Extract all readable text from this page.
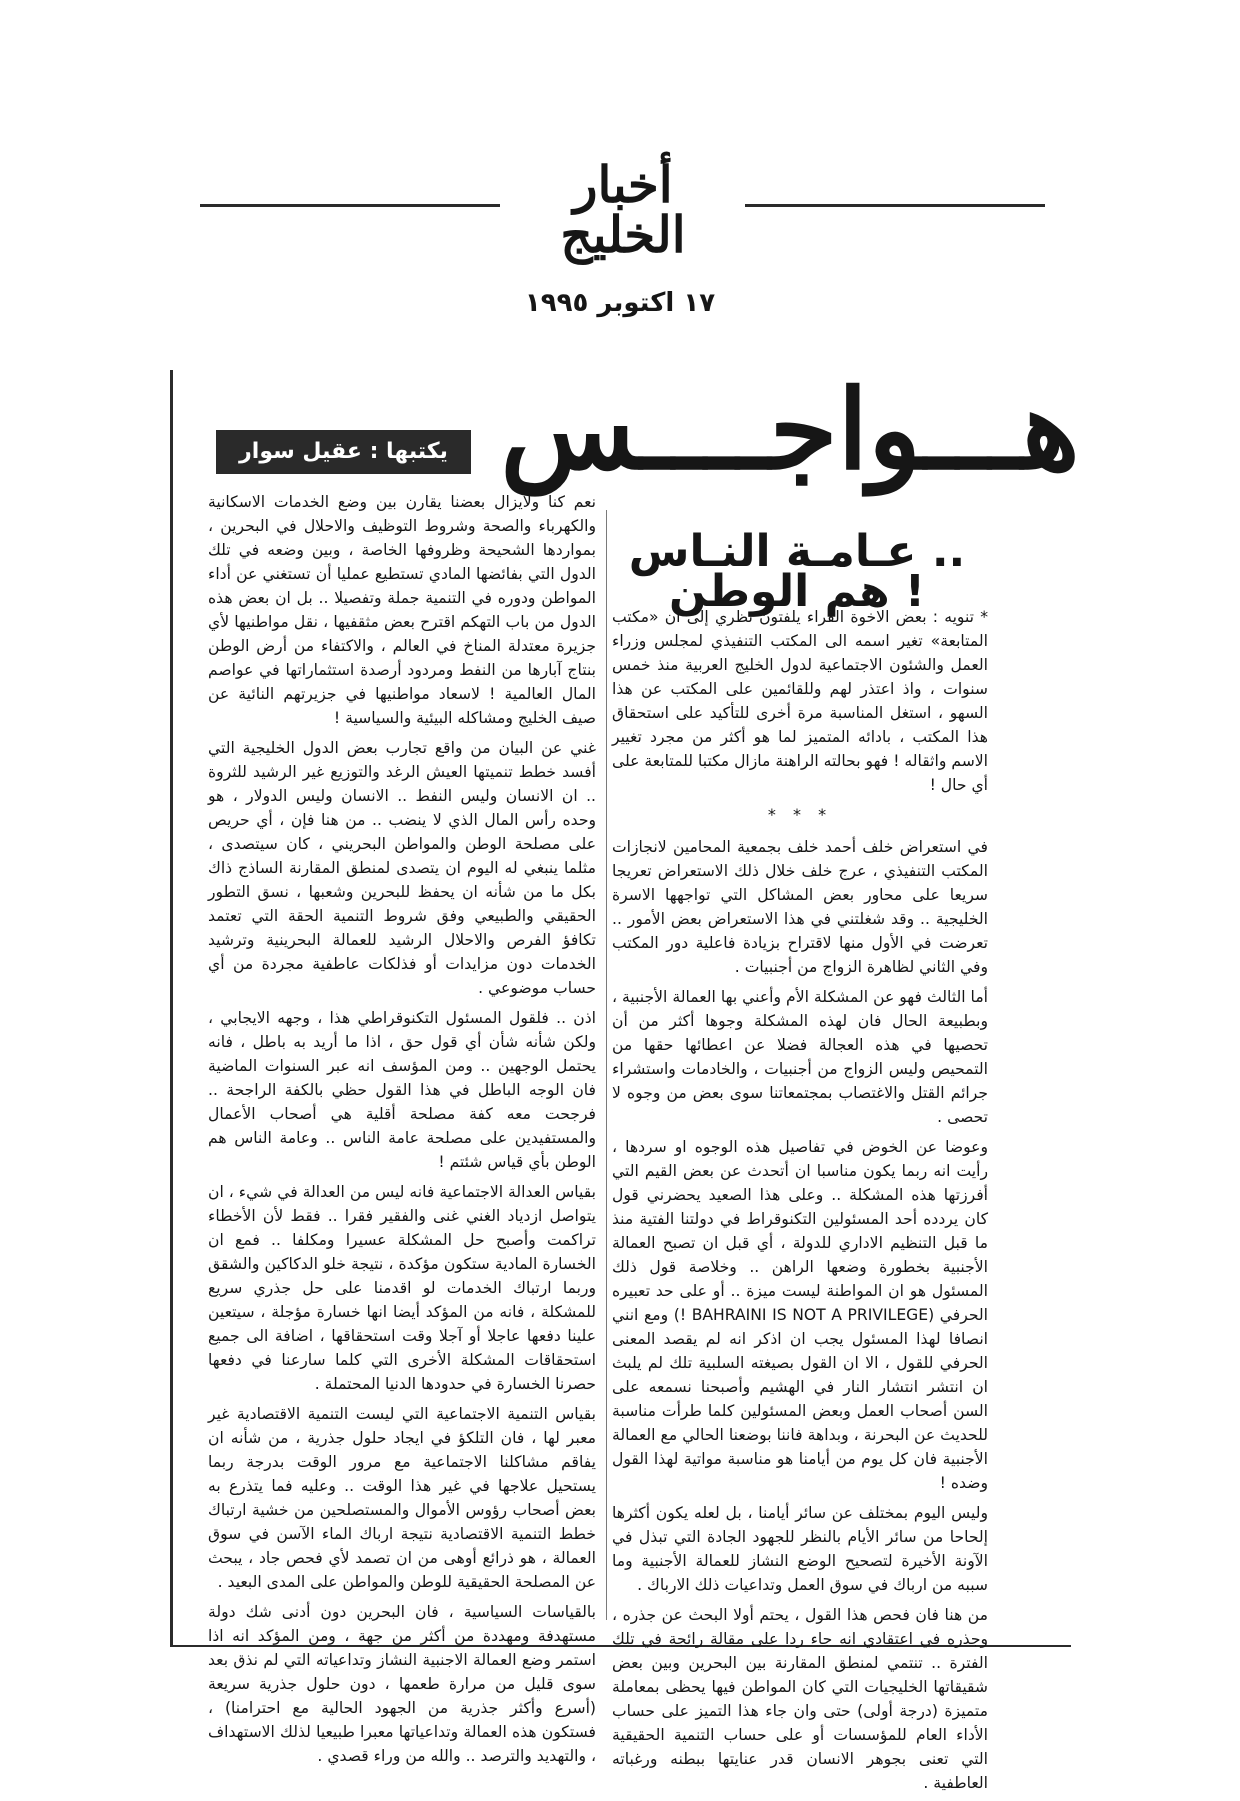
أخبار الخليج
١٧ اكتوبر ١٩٩٥
هـــواجــــس
يكتبها : عقيل سوار
عـامـة النـاس ..
هم الوطن !

* تنويه : بعض الاخوة القراء يلفتون نظري إلى ان «مكتب المتابعة» تغير اسمه الى المكتب التنفيذي لمجلس وزراء العمل والشئون الاجتماعية لدول الخليج العربية منذ خمس سنوات ، واذ اعتذر لهم وللقائمين على المكتب عن هذا السهو ، استغل المناسبة مرة أخرى للتأكيد على استحقاق هذا المكتب ، بادائه المتميز لما هو أكثر من مجرد تغيير الاسم واثقاله ! فهو بحالته الراهنة مازال مكتبا للمتابعة على أي حال !

* * *

في استعراض خلف أحمد خلف بجمعية المحامين لانجازات المكتب التنفيذي ، عرج خلف خلال ذلك الاستعراض تعريجا سريعا على محاور بعض المشاكل التي تواجهها الاسرة الخليجية .. وقد شغلتني في هذا الاستعراض بعض الأمور .. تعرضت في الأول منها لاقتراح بزيادة فاعلية دور المكتب وفي الثاني لظاهرة الزواج من أجنبيات .

أما الثالث فهو عن المشكلة الأم وأعني بها العمالة الأجنبية ، وبطبيعة الحال فان لهذه المشكلة وجوها أكثر من أن تحصيها في هذه العجالة فضلا عن اعطائها حقها من التمحيص وليس الزواج من أجنبيات ، والخادمات واستشراء جرائم القتل والاغتصاب بمجتمعاتنا سوى بعض من وجوه لا تحصى .

وعوضا عن الخوض في تفاصيل هذه الوجوه او سردها ، رأيت انه ربما يكون مناسبا ان أتحدث عن بعض القيم التي أفرزتها هذه المشكلة .. وعلى هذا الصعيد يحضرني قول كان يردده أحد المسئولين التكنوقراط في دولتنا الفتية منذ ما قبل التنظيم الاداري للدولة ، أي قبل ان تصبح العمالة الأجنبية بخطورة وضعها الراهن .. وخلاصة قول ذلك المسئول هو ان المواطنة ليست ميزة .. أو على حد تعبيره الحرفي (BAHRAINI IS NOT A PRIVILEGE !) ومع انني انصافا لهذا المسئول يجب ان اذكر انه لم يقصد المعنى الحرفي للقول ، الا ان القول بصيغته السلبية تلك لم يلبث ان انتشر انتشار النار في الهشيم وأصبحنا نسمعه على السن أصحاب العمل وبعض المسئولين كلما طرأت مناسبة للحديث عن البحرنة ، وبداهة فاننا بوضعنا الحالي مع العمالة الأجنبية فان كل يوم من أيامنا هو مناسبة مواتية لهذا القول وضده !

وليس اليوم بمختلف عن سائر أيامنا ، بل لعله يكون أكثرها إلحاحا من سائر الأيام بالنظر للجهود الجادة التي تبذل في الآونة الأخيرة لتصحيح الوضع النشاز للعمالة الأجنبية وما سببه من ارباك في سوق العمل وتداعيات ذلك الارباك .

من هنا فان فحص هذا القول ، يحتم أولا البحث عن جذره ، وجذره في اعتقادي انه جاء ردا على مقالة رائجة في تلك الفترة .. تنتمي لمنطق المقارنة بين البحرين وبين بعض شقيقاتها الخليجيات التي كان المواطن فيها يحظى بمعاملة متميزة (درجة أولى) حتى وان جاء هذا التميز على حساب الأداء العام للمؤسسات أو على حساب التنمية الحقيقية التي تعنى بجوهر الانسان قدر عنايتها ببطنه ورغباته العاطفية .

نعم كنا ولايزال بعضنا يقارن بين وضع الخدمات الاسكانية والكهرباء والصحة وشروط التوظيف والاحلال في البحرين ، بمواردها الشحيحة وظروفها الخاصة ، وبين وضعه في تلك الدول التي بفائضها المادي تستطيع عمليا أن تستغني عن أداء المواطن ودوره في التنمية جملة وتفصيلا .. بل ان بعض هذه الدول من باب التهكم اقترح بعض مثقفيها ، نقل مواطنيها لأي جزيرة معتدلة المناخ في العالم ، والاكتفاء من أرض الوطن بنتاج آبارها من النفط ومردود أرصدة استثماراتها في عواصم المال العالمية ! لاسعاد مواطنيها في جزيرتهم النائية عن صيف الخليج ومشاكله البيئية والسياسية !

غني عن البيان من واقع تجارب بعض الدول الخليجية التي أفسد خطط تنميتها العيش الرغد والتوزيع غير الرشيد للثروة .. ان الانسان وليس النفط .. الانسان وليس الدولار ، هو وحده رأس المال الذي لا ينضب .. من هنا فإن ، أي حريص على مصلحة الوطن والمواطن البحريني ، كان سيتصدى ، مثلما ينبغي له اليوم ان يتصدى لمنطق المقارنة الساذج ذاك بكل ما من شأنه ان يحفظ للبحرين وشعبها ، نسق التطور الحقيقي والطبيعي وفق شروط التنمية الحقة التي تعتمد تكافؤ الفرص والاحلال الرشيد للعمالة البحرينية وترشيد الخدمات دون مزايدات أو فذلكات عاطفية مجردة من أي حساب موضوعي .

اذن .. فلقول المسئول التكنوقراطي هذا ، وجهه الايجابي ، ولكن شأنه شأن أي قول حق ، اذا ما أريد به باطل ، فانه يحتمل الوجهين .. ومن المؤسف انه عبر السنوات الماضية فان الوجه الباطل في هذا القول حظي بالكفة الراجحة .. فرجحت معه كفة مصلحة أقلية هي أصحاب الأعمال والمستفيدين على مصلحة عامة الناس .. وعامة الناس هم الوطن بأي قياس شئتم !

بقياس العدالة الاجتماعية فانه ليس من العدالة في شيء ، ان يتواصل ازدياد الغني غنى والفقير فقرا .. فقط لأن الأخطاء تراكمت وأصبح حل المشكلة عسيرا ومكلفا .. فمع ان الخسارة المادية ستكون مؤكدة ، نتيجة خلو الدكاكين والشقق وربما ارتباك الخدمات لو اقدمنا على حل جذري سريع للمشكلة ، فانه من المؤكد أيضا انها خسارة مؤجلة ، سيتعين علينا دفعها عاجلا أو آجلا وقت استحقاقها ، اضافة الى جميع استحقاقات المشكلة الأخرى التي كلما سارعنا في دفعها حصرنا الخسارة في حدودها الدنيا المحتملة .

بقياس التنمية الاجتماعية التي ليست التنمية الاقتصادية غير معبر لها ، فان التلكؤ في ايجاد حلول جذرية ، من شأنه ان يفاقم مشاكلنا الاجتماعية مع مرور الوقت بدرجة ربما يستحيل علاجها في غير هذا الوقت .. وعليه فما يتذرع به بعض أصحاب رؤوس الأموال والمستصلحين من خشية ارتباك خطط التنمية الاقتصادية نتيجة ارباك الماء الآسن في سوق العمالة ، هو ذرائع أوهى من ان تصمد لأي فحص جاد ، يبحث عن المصلحة الحقيقية للوطن والمواطن على المدى البعيد .

بالقياسات السياسية ، فان البحرين دون أدنى شك دولة مستهدفة ومهددة من أكثر من جهة ، ومن المؤكد انه اذا استمر وضع العمالة الاجنبية النشاز وتداعياته التي لم نذق بعد سوى قليل من مرارة طعمها ، دون حلول جذرية سريعة (أسرع وأكثر جذرية من الجهود الحالية مع احترامنا) ، فستكون هذه العمالة وتداعياتها معبرا طبيعيا لذلك الاستهداف ، والتهديد والترصد .. والله من وراء قصدي .
